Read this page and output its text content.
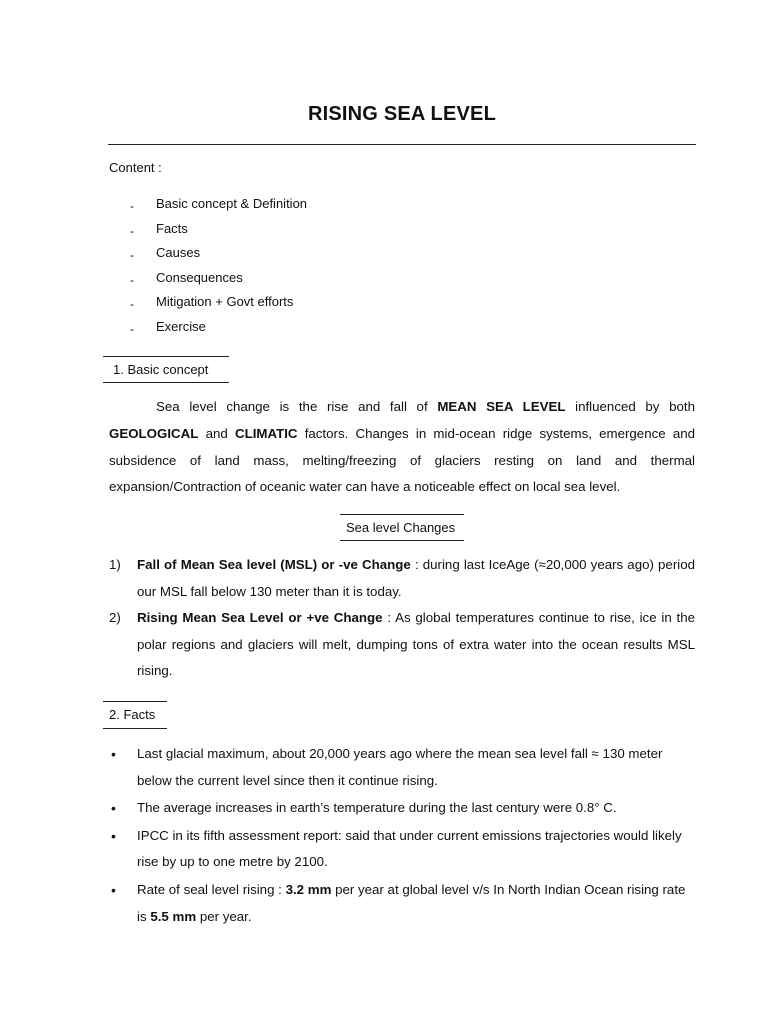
RISING SEA LEVEL
Content :
- Basic concept & Definition
- Facts
- Causes
- Consequences
- Mitigation + Govt efforts
- Exercise
1. Basic concept

Sea level change is the rise and fall of MEAN SEA LEVEL influenced by both GEOLOGICAL and CLIMATIC factors. Changes in mid-ocean ridge systems, emergence and subsidence of land mass, melting/freezing of glaciers resting on land and thermal expansion/Contraction of oceanic water can have a noticeable effect on local sea level.

Sea level Changes
1) Fall of Mean Sea level (MSL) or -ve Change : during last IceAge (≈20,000 years ago) period our MSL fall below 130 meter than it is today.
2) Rising Mean Sea Level or +ve Change : As global temperatures continue to rise, ice in the polar regions and glaciers will melt, dumping tons of extra water into the ocean results MSL rising.
2. Facts
• Last glacial maximum, about 20,000 years ago where the mean sea level fall ≈ 130 meter below the current level since then it continue rising.
• The average increases in earth’s temperature during the last century were 0.8° C.
• IPCC in its fifth assessment report: said that under current emissions trajectories would likely rise by up to one metre by 2100.
• Rate of seal level rising : 3.2 mm per year at global level v/s In North Indian Ocean rising rate is 5.5 mm per year.
